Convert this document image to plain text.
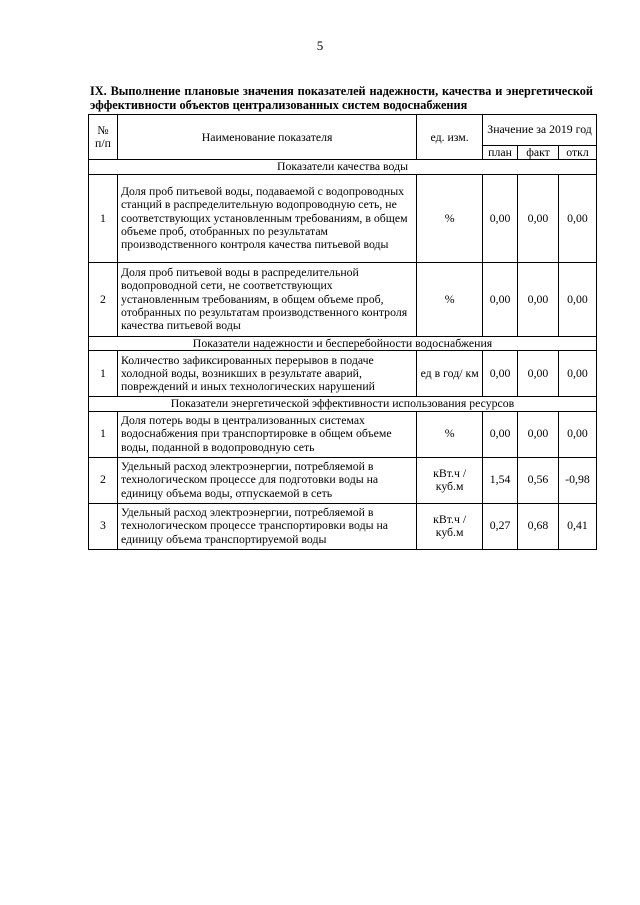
5
IX. Выполнение плановые значения показателей надежности, качества и энергетической эффективности объектов централизованных систем водоснабжения
№ п/п	Наименование показателя	ед. изм.	Значение за 2019 год		
			план	факт	откл
Показатели качества воды					
1	Доля проб питьевой воды, подаваемой с водопроводных станций в распределительную водопроводную сеть, не соответствующих установленным требованиям, в общем объеме проб, отобранных по результатам производственного контроля качества питьевой воды	%	0,00	0,00	0,00
2	Доля проб питьевой воды в распределительной водопроводной сети, не соответствующих установленным требованиям, в общем объеме проб, отобранных по результатам производственного контроля качества питьевой воды	%	0,00	0,00	0,00
Показатели надежности и бесперебойности водоснабжения					
1	Количество зафиксированных перерывов в подаче холодной воды, возникших в результате аварий, повреждений и иных технологических нарушений	ед в год/ км	0,00	0,00	0,00
Показатели энергетической эффективности использования ресурсов					
1	Доля потерь воды в централизованных системах водоснабжения при транспортировке в общем объеме воды, поданной в водопроводную сеть	%	0,00	0,00	0,00
2	Удельный расход электроэнергии, потребляемой в технологическом процессе для подготовки воды на единицу объема воды, отпускаемой в сеть	кВт.ч / куб.м	1,54	0,56	-0,98
3	Удельный расход электроэнергии, потребляемой в технологическом процессе транспортировки воды на единицу объема транспортируемой воды	кВт.ч / куб.м	0,27	0,68	0,41
